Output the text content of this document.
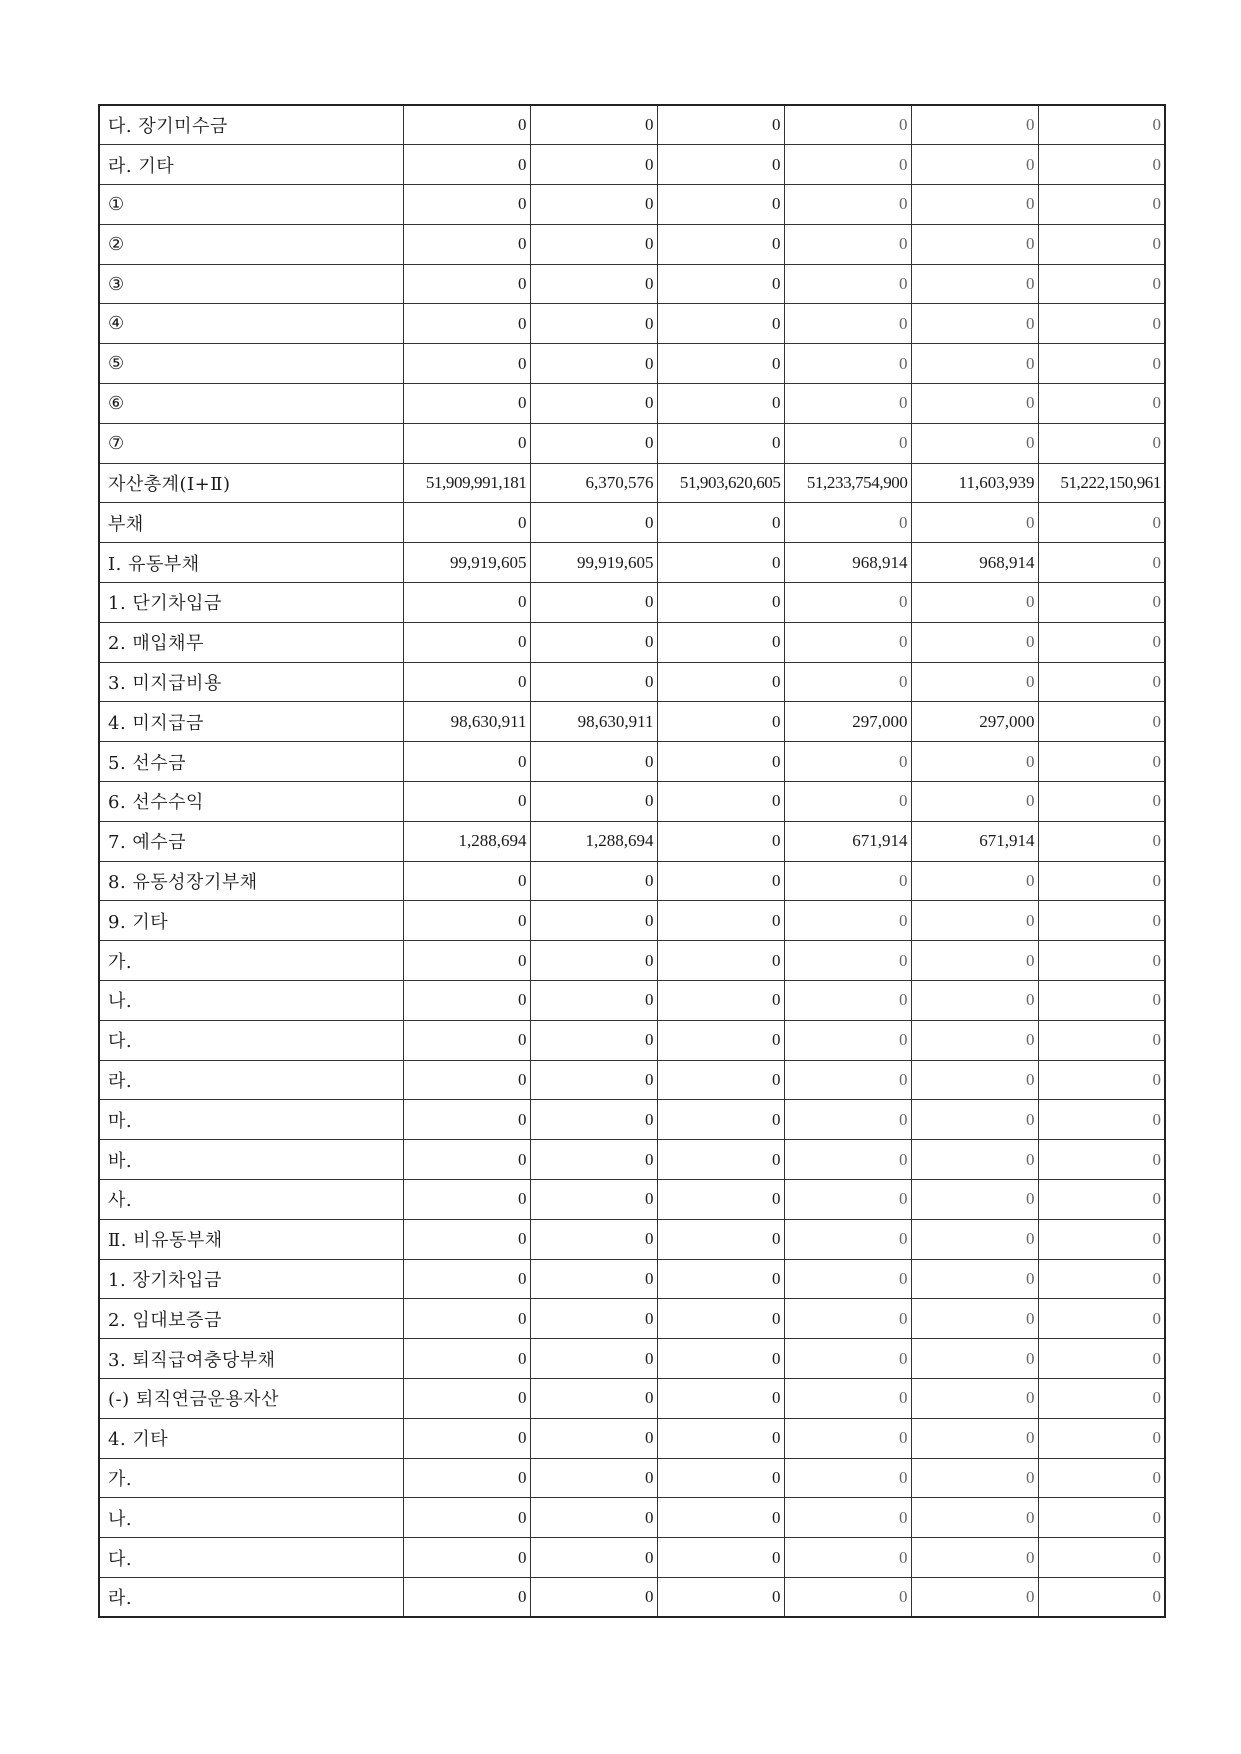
다. 장기미수금	0	0	0	0	0	0
라. 기타	0	0	0	0	0	0
①	0	0	0	0	0	0
②	0	0	0	0	0	0
③	0	0	0	0	0	0
④	0	0	0	0	0	0
⑤	0	0	0	0	0	0
⑥	0	0	0	0	0	0
⑦	0	0	0	0	0	0
자산총계(Ⅰ+Ⅱ)	51,909,991,181	6,370,576	51,903,620,605	51,233,754,900	11,603,939	51,222,150,961
부채	0	0	0	0	0	0
Ⅰ. 유동부채	99,919,605	99,919,605	0	968,914	968,914	0
1. 단기차입금	0	0	0	0	0	0
2. 매입채무	0	0	0	0	0	0
3. 미지급비용	0	0	0	0	0	0
4. 미지급금	98,630,911	98,630,911	0	297,000	297,000	0
5. 선수금	0	0	0	0	0	0
6. 선수수익	0	0	0	0	0	0
7. 예수금	1,288,694	1,288,694	0	671,914	671,914	0
8. 유동성장기부채	0	0	0	0	0	0
9. 기타	0	0	0	0	0	0
가.	0	0	0	0	0	0
나.	0	0	0	0	0	0
다.	0	0	0	0	0	0
라.	0	0	0	0	0	0
마.	0	0	0	0	0	0
바.	0	0	0	0	0	0
사.	0	0	0	0	0	0
Ⅱ. 비유동부채	0	0	0	0	0	0
1. 장기차입금	0	0	0	0	0	0
2. 임대보증금	0	0	0	0	0	0
3. 퇴직급여충당부채	0	0	0	0	0	0
(-) 퇴직연금운용자산	0	0	0	0	0	0
4. 기타	0	0	0	0	0	0
가.	0	0	0	0	0	0
나.	0	0	0	0	0	0
다.	0	0	0	0	0	0
라.	0	0	0	0	0	0
